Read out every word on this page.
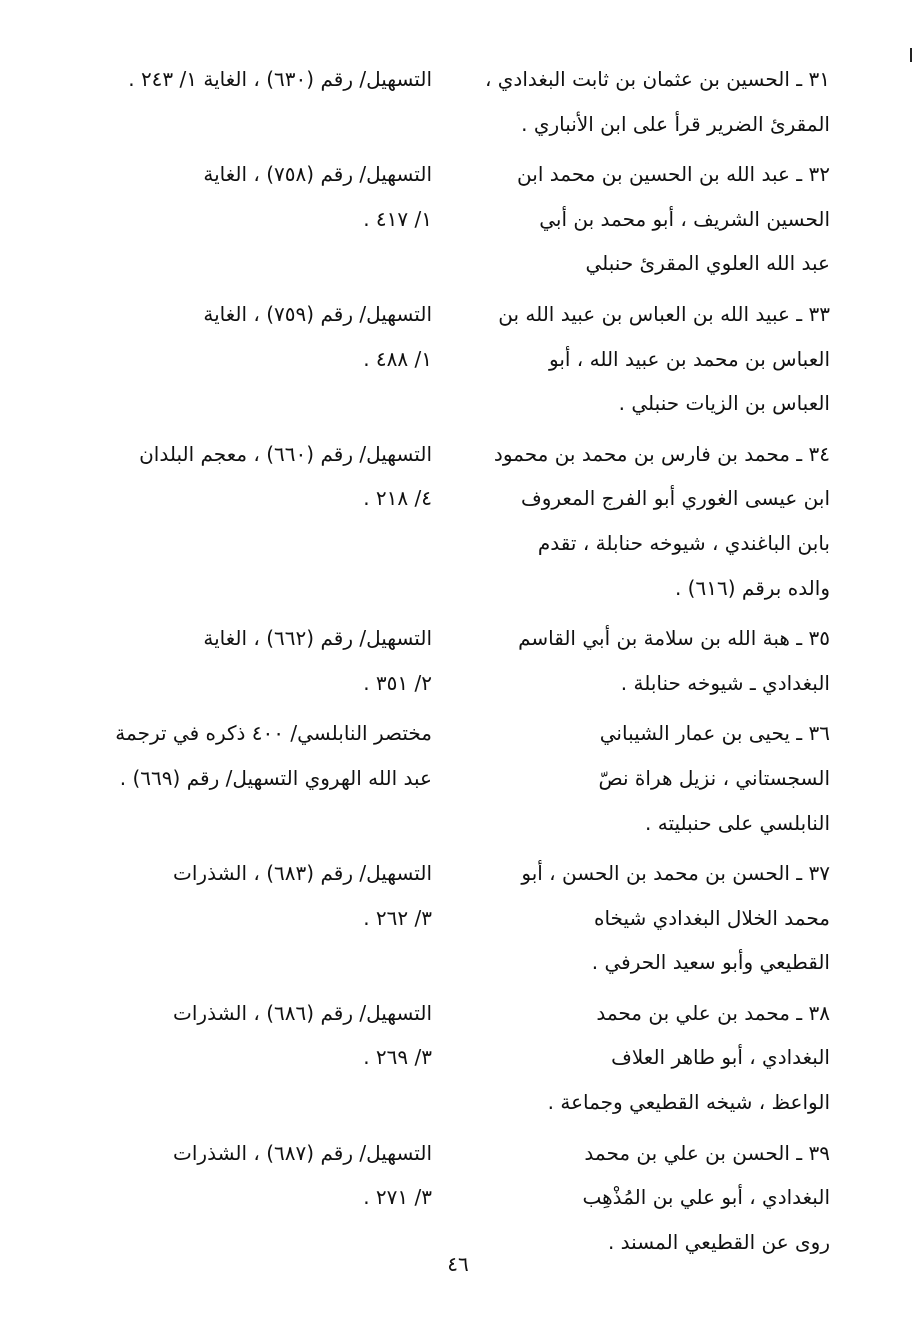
٣١ ـ الحسين بن عثمان بن ثابت البغدادي ،
المقرئ الضرير قرأ على ابن الأنباري .
التسهيل/ رقم (٦٣٠) ، الغاية ١/ ٢٤٣ .
٣٢ ـ عبد الله بن الحسين بن محمد ابن
الحسين الشريف ، أبو محمد بن أبي
عبد الله العلوي المقرئ حنبلي
التسهيل/ رقم (٧٥٨) ، الغاية
١/ ٤١٧ .
٣٣ ـ عبيد الله بن العباس بن عبيد الله بن
العباس بن محمد بن عبيد الله ، أبو
العباس بن الزيات حنبلي .
التسهيل/ رقم (٧٥٩) ، الغاية
١/ ٤٨٨ .
٣٤ ـ محمد بن فارس بن محمد بن محمود
ابن عيسى الغوري أبو الفرج المعروف
بابن الباغندي ، شيوخه حنابلة ، تقدم
والده برقم (٦١٦) .
التسهيل/ رقم (٦٦٠) ، معجم البلدان
٤/ ٢١٨ .
٣٥ ـ هبة الله بن سلامة بن أبي القاسم
البغدادي ـ شيوخه حنابلة .
التسهيل/ رقم (٦٦٢) ، الغاية
٢/ ٣٥١ .
٣٦ ـ يحيى بن عمار الشيباني
السجستاني ، نزيل هراة نصّ
النابلسي على حنبليته .
مختصر النابلسي/ ٤٠٠ ذكره في ترجمة
عبد الله الهروي التسهيل/ رقم (٦٦٩) .
٣٧ ـ الحسن بن محمد بن الحسن ، أبو
محمد الخلال البغدادي شيخاه
القطيعي وأبو سعيد الحرفي .
التسهيل/ رقم (٦٨٣) ، الشذرات
٣/ ٢٦٢ .
٣٨ ـ محمد بن علي بن محمد
البغدادي ، أبو طاهر العلاف
الواعظ ، شيخه القطيعي وجماعة .
التسهيل/ رقم (٦٨٦) ، الشذرات
٣/ ٢٦٩ .
٣٩ ـ الحسن بن علي بن محمد
البغدادي ، أبو علي بن المُذْهِب
روى عن القطيعي المسند .
التسهيل/ رقم (٦٨٧) ، الشذرات
٣/ ٢٧١ .
٤٦
